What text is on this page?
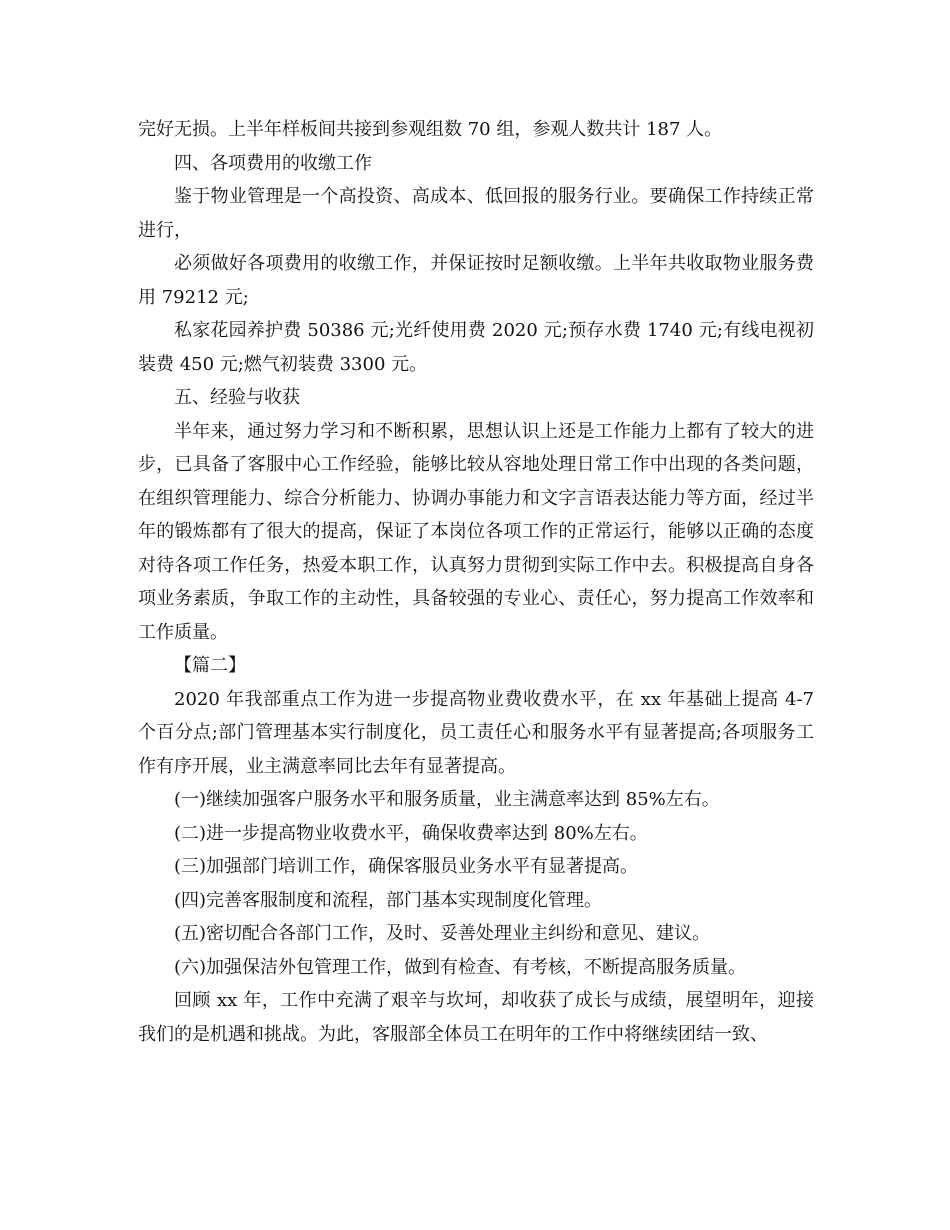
完好无损。上半年样板间共接到参观组数 70 组，参观人数共计 187 人。

四、各项费用的收缴工作

鉴于物业管理是一个高投资、高成本、低回报的服务行业。要确保工作持续正常进行，

必须做好各项费用的收缴工作，并保证按时足额收缴。上半年共收取物业服务费用 79212 元;

私家花园养护费 50386 元;光纤使用费 2020 元;预存水费 1740 元;有线电视初装费 450 元;燃气初装费 3300 元。

五、经验与收获

半年来，通过努力学习和不断积累，思想认识上还是工作能力上都有了较大的进步，已具备了客服中心工作经验，能够比较从容地处理日常工作中出现的各类问题，在组织管理能力、综合分析能力、协调办事能力和文字言语表达能力等方面，经过半年的锻炼都有了很大的提高，保证了本岗位各项工作的正常运行，能够以正确的态度对待各项工作任务，热爱本职工作，认真努力贯彻到实际工作中去。积极提高自身各项业务素质，争取工作的主动性，具备较强的专业心、责任心，努力提高工作效率和工作质量。

【篇二】

2020 年我部重点工作为进一步提高物业费收费水平，在 xx 年基础上提高 4-7 个百分点;部门管理基本实行制度化，员工责任心和服务水平有显著提高;各项服务工作有序开展，业主满意率同比去年有显著提高。

(一)继续加强客户服务水平和服务质量，业主满意率达到 85%左右。

(二)进一步提高物业收费水平，确保收费率达到 80%左右。

(三)加强部门培训工作，确保客服员业务水平有显著提高。

(四)完善客服制度和流程，部门基本实现制度化管理。

(五)密切配合各部门工作，及时、妥善处理业主纠纷和意见、建议。

(六)加强保洁外包管理工作，做到有检查、有考核，不断提高服务质量。

回顾 xx 年，工作中充满了艰辛与坎坷，却收获了成长与成绩，展望明年，迎接我们的是机遇和挑战。为此，客服部全体员工在明年的工作中将继续团结一致、
